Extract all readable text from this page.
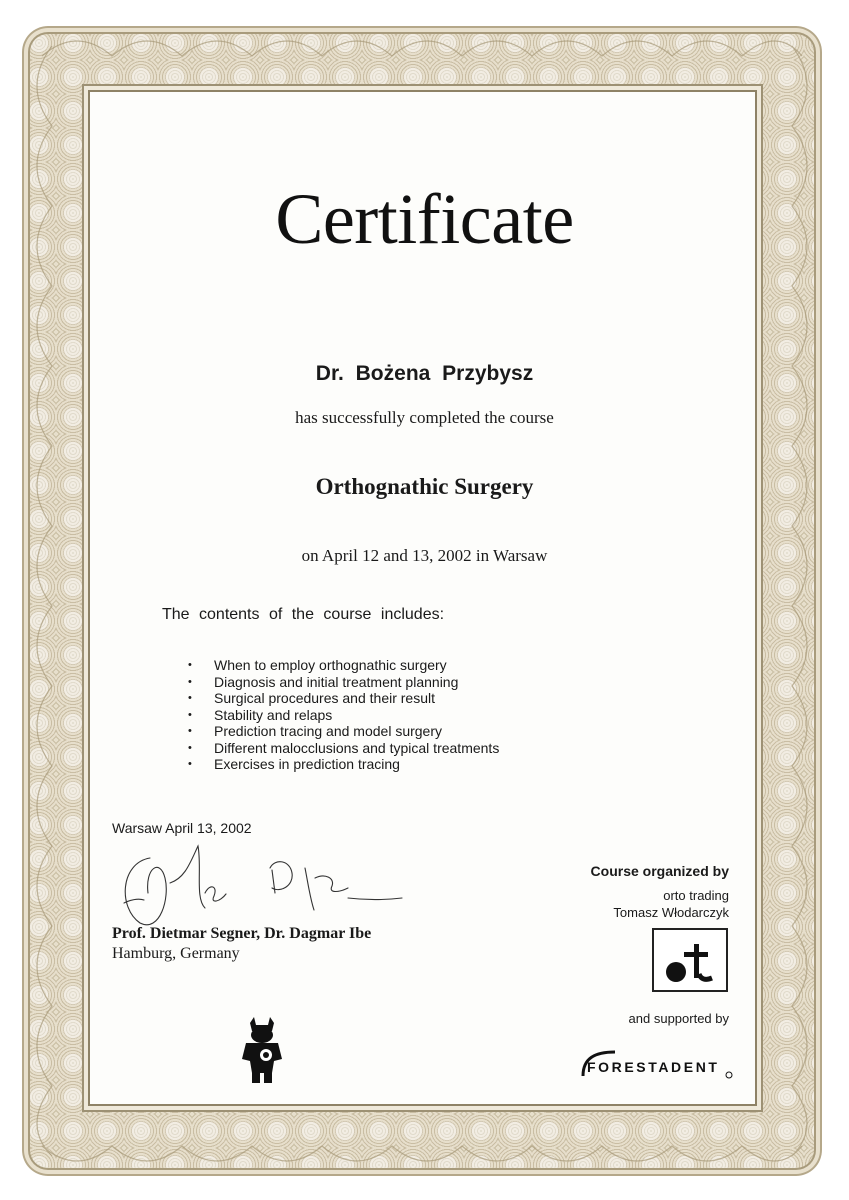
Certificate
Dr. Bożena Przybysz
has successfully completed the course
Orthognathic Surgery
on April 12 and 13, 2002 in Warsaw
The contents of the course includes:
• When to employ orthognathic surgery
• Diagnosis and initial treatment planning
• Surgical procedures and their result
• Stability and relaps
• Prediction tracing and model surgery
• Different malocclusions and typical treatments
• Exercises in prediction tracing
Warsaw April 13, 2002
Prof. Dietmar Segner, Dr. Dagmar Ibe
Hamburg, Germany
Course organized by
orto trading
Tomasz Włodarczyk
and supported by
FORESTADENT
